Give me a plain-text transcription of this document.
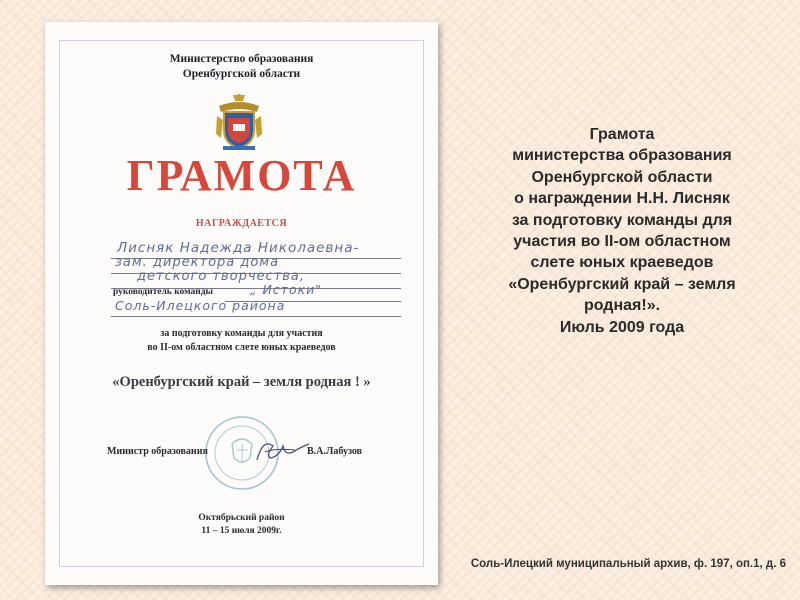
Министерство образования
Оренбургской области
ГРАМОТА
НАГРАЖДАЕТСЯ
Лисняк Надежда Николаевна-
зам. директора дома
детского творчества,
руководитель команды	„ Истоки"
Соль-Илецкого района
за подготовку команды для участия
во II-ом областном слете юных краеведов
«Оренбургский край – земля родная ! »
Министр образования	В.А.Лабузов
Октябрьский район
11 – 15 июля 2009г.
Грамота
министерства образования
Оренбургской области
о награждении Н.Н. Лисняк
за подготовку команды для
участия во II-ом областном
слете юных краеведов
«Оренбургский край – земля
родная!».
Июль 2009 года
Соль-Илецкий муниципальный архив, ф. 197, оп.1, д. 6
